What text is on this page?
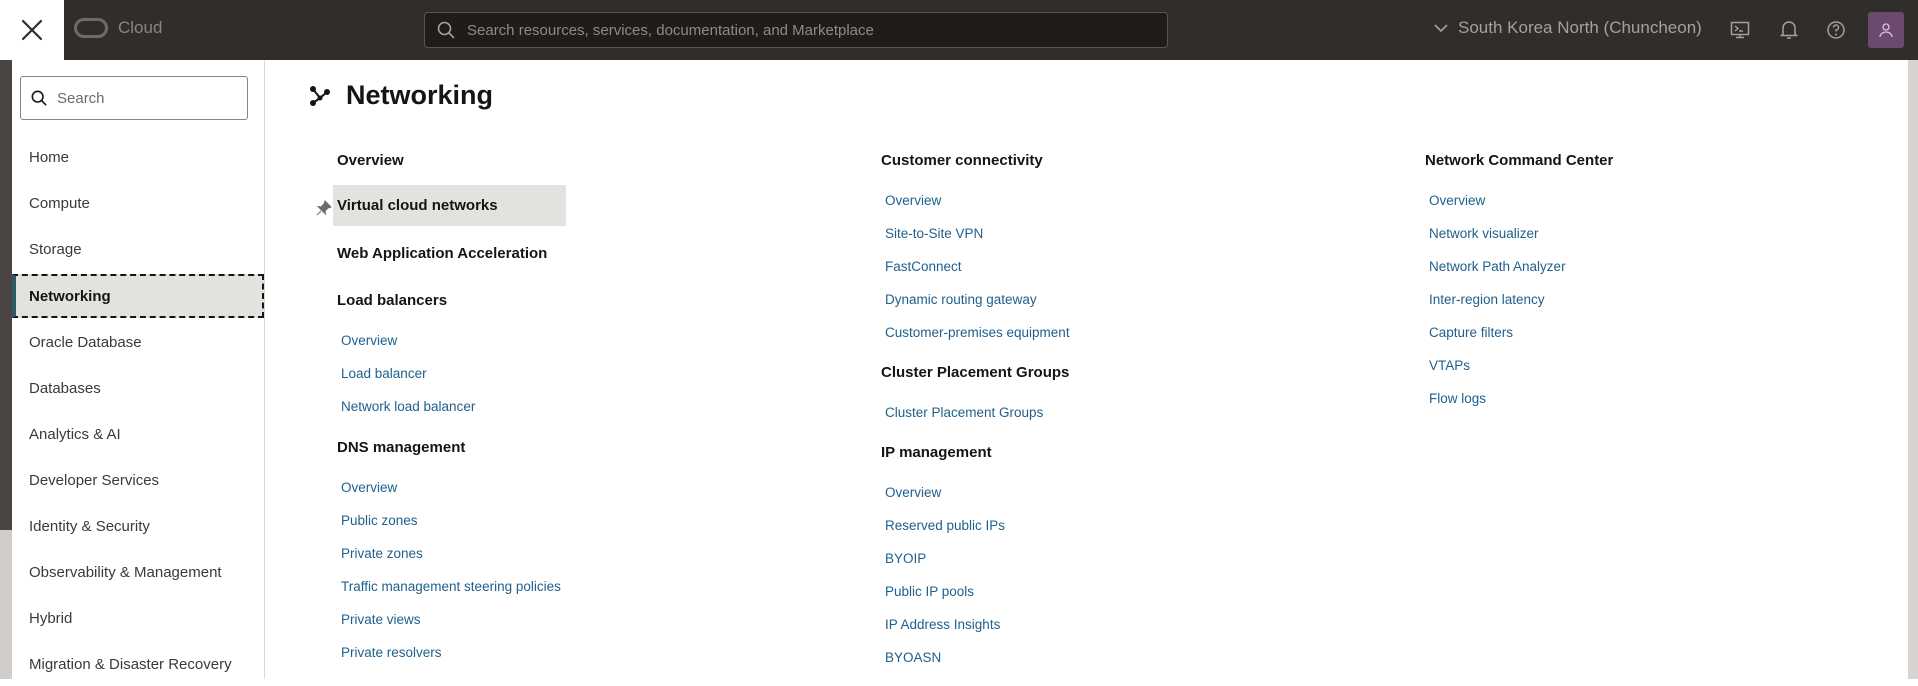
Cloud
Search resources, services, documentation, and Marketplace	South Korea North (Chuncheon)
Search
Home
Compute
Storage
Networking
Oracle Database
Databases
Analytics & AI
Developer Services
Identity & Security
Observability & Management
Hybrid
Migration & Disaster Recovery
Networking
Overview
Virtual cloud networks
Web Application Acceleration
Load balancers
Overview
Load balancer
Network load balancer
DNS management
Overview
Public zones
Private zones
Traffic management steering policies
Private views
Private resolvers
Customer connectivity
Overview
Site-to-Site VPN
FastConnect
Dynamic routing gateway
Customer-premises equipment
Cluster Placement Groups
Cluster Placement Groups
IP management
Overview
Reserved public IPs
BYOIP
Public IP pools
IP Address Insights
BYOASN
Network Command Center
Overview
Network visualizer
Network Path Analyzer
Inter-region latency
Capture filters
VTAPs
Flow logs
